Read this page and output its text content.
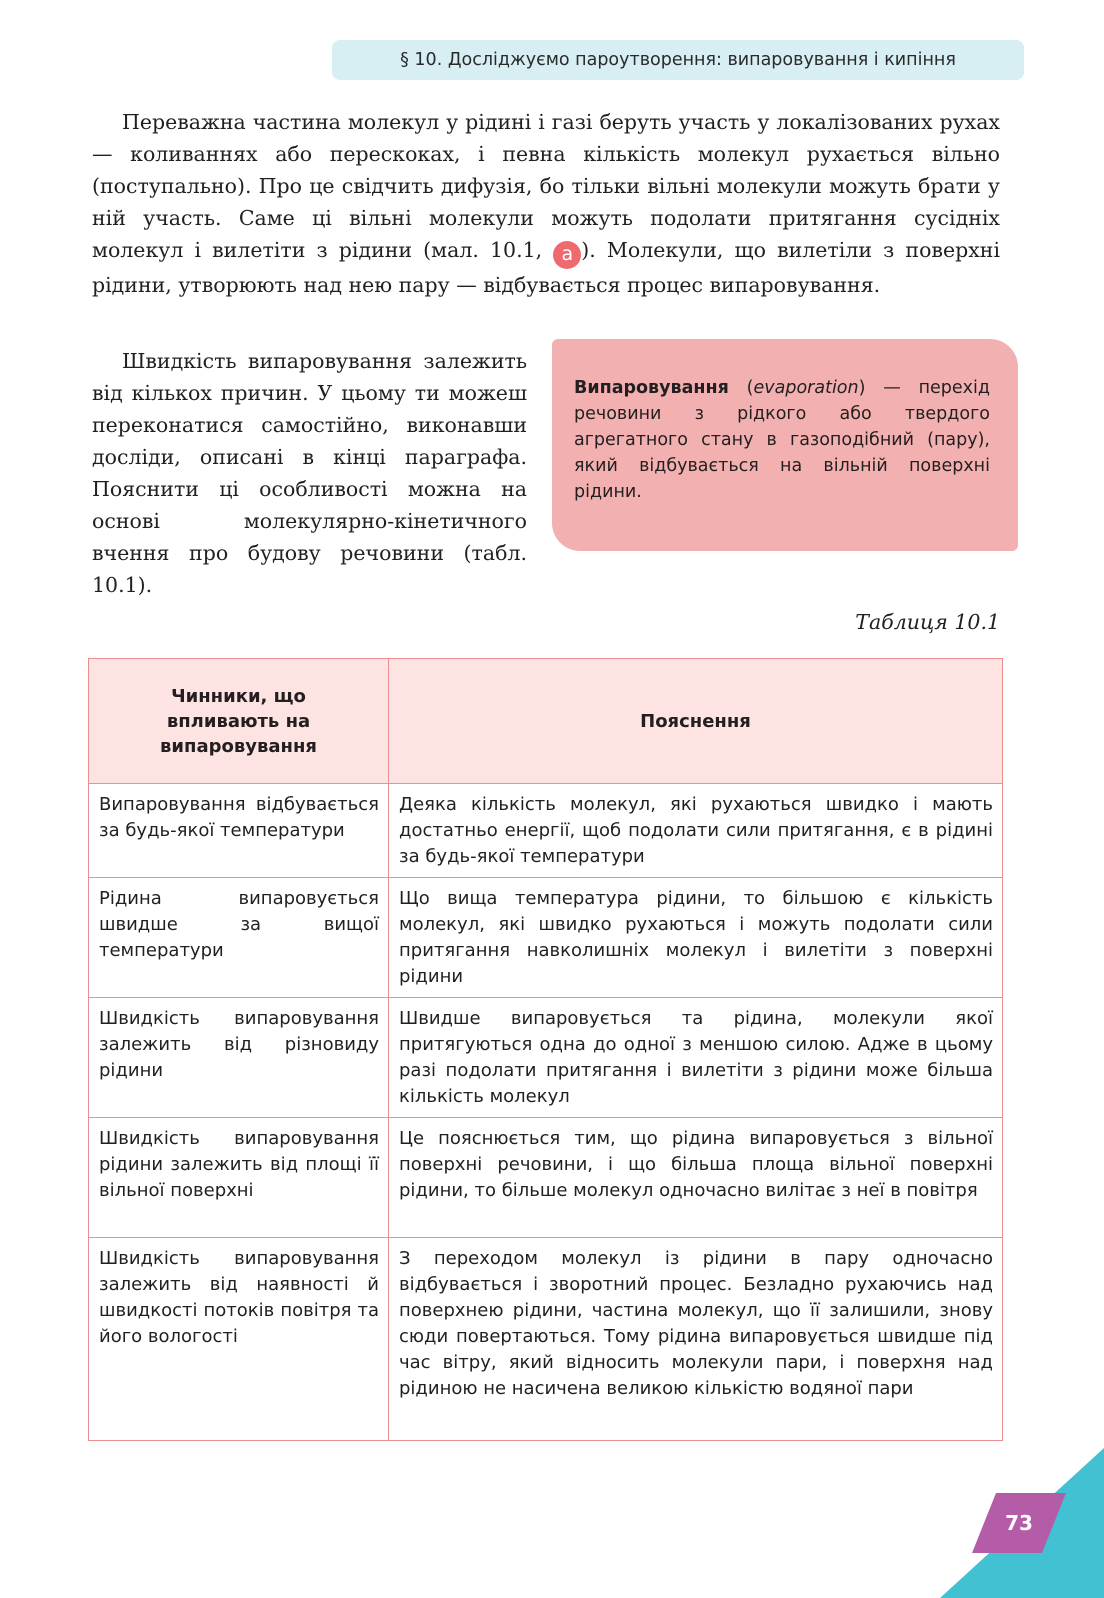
§ 10. Досліджуємо пароутворення: випаровування і кипіння

Переважна частина молекул у рідині і газі беруть участь у локалізованих рухах — коливаннях або перескоках, і певна кількість молекул рухається вільно (поступально). Про це свідчить дифузія, бо тільки вільні молекули можуть брати у ній участь. Саме ці вільні молекули можуть подолати притягання сусідніх молекул і вилетіти з рідини (мал. 10.1, а ). Молекули, що вилетіли з поверхні рідини, утворюють над нею пару — відбувається процес випаровування.

Швидкість випаровування залежить від кількох причин. У цьому ти можеш переконатися самостійно, виконавши досліди, описані в кінці параграфа. Пояснити ці особливості можна на основі молекулярно-кінетичного вчення про будову речовини (табл. 10.1).

Випаровування (evaporation) — перехід речовини з рідкого або твердого агрегатного стану в газоподібний (пару), який відбувається на вільній поверхні рідини.
Таблиця 10.1
Чинники, що впливають на випаровування	Пояснення
Випаровування відбувається за будь-якої температури	Деяка кількість молекул, які рухаються швидко і мають достатньо енергії, щоб подолати сили притягання, є в рідині за будь-якої температури
Рідина випаровується швидше за вищої температури	Що вища температура рідини, то більшою є кількість молекул, які швидко рухаються і можуть подолати сили притягання навколишніх молекул і вилетіти з поверхні рідини
Швидкість випаровування залежить від різновиду рідини	Швидше випаровується та рідина, молекули якої притягуються одна до одної з меншою силою. Адже в цьому разі подолати притягання і вилетіти з рідини може більша кількість молекул
Швидкість випаровування рідини залежить від площі її вільної поверхні	Це пояснюється тим, що рідина випаровується з вільної поверхні речовини, і що більша площа вільної поверхні рідини, то більше молекул одночасно вилітає з неї в повітря
Швидкість випаровування залежить від наявності й швидкості потоків повітря та його вологості	З переходом молекул із рідини в пару одночасно відбувається і зворотний процес. Безладно рухаючись над поверхнею рідини, частина молекул, що її залишили, знову сюди повертаються. Тому рідина випаровується швидше під час вітру, який відносить молекули пари, і поверхня над рідиною не насичена великою кількістю водяної пари
73
